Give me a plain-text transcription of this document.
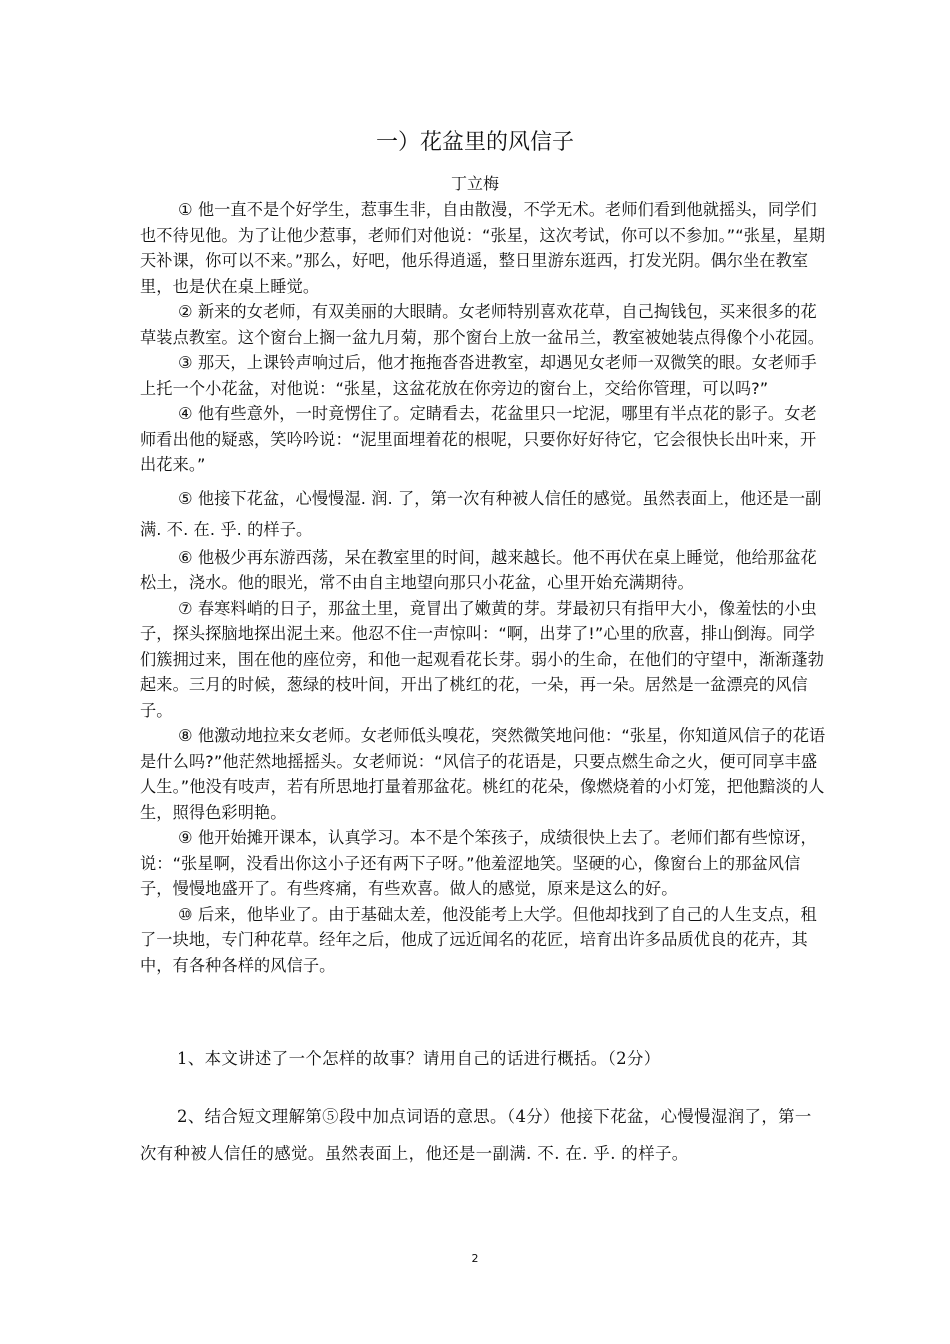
一）花盆里的风信子
丁立梅

① 他一直不是个好学生，惹事生非，自由散漫，不学无术。老师们看到他就摇头，同学们也不待见他。为了让他少惹事，老师们对他说：“张星，这次考试，你可以不参加。”“张星，星期天补课，你可以不来。”那么，好吧，他乐得逍遥，整日里游东逛西，打发光阴。偶尔坐在教室里，也是伏在桌上睡觉。

② 新来的女老师，有双美丽的大眼睛。女老师特别喜欢花草，自己掏钱包，买来很多的花草装点教室。这个窗台上搁一盆九月菊，那个窗台上放一盆吊兰，教室被她装点得像个小花园。

③ 那天，上课铃声响过后，他才拖拖沓沓进教室，却遇见女老师一双微笑的眼。女老师手上托一个小花盆，对他说：“张星，这盆花放在你旁边的窗台上，交给你管理，可以吗?”

④ 他有些意外，一时竟愣住了。定睛看去，花盆里只一坨泥，哪里有半点花的影子。女老师看出他的疑惑，笑吟吟说：“泥里面埋着花的根呢，只要你好好待它，它会很快长出叶来，开出花来。”

⑤ 他接下花盆，心慢慢湿. 润. 了，第一次有种被人信任的感觉。虽然表面上，他还是一副满. 不. 在. 乎. 的样子。

⑥ 他极少再东游西荡，呆在教室里的时间，越来越长。他不再伏在桌上睡觉，他给那盆花松土，浇水。他的眼光，常不由自主地望向那只小花盆，心里开始充满期待。

⑦ 春寒料峭的日子，那盆土里，竟冒出了嫩黄的芽。芽最初只有指甲大小，像羞怯的小虫子，探头探脑地探出泥土来。他忍不住一声惊叫：“啊，出芽了!”心里的欣喜，排山倒海。同学们簇拥过来，围在他的座位旁，和他一起观看花长芽。弱小的生命，在他们的守望中，渐渐蓬勃起来。三月的时候，葱绿的枝叶间，开出了桃红的花，一朵，再一朵。居然是一盆漂亮的风信子。

⑧ 他激动地拉来女老师。女老师低头嗅花，突然微笑地问他：“张星，你知道风信子的花语是什么吗?”他茫然地摇摇头。女老师说：“风信子的花语是，只要点燃生命之火，便可同享丰盛人生。”他没有吱声，若有所思地打量着那盆花。桃红的花朵，像燃烧着的小灯笼，把他黯淡的人生，照得色彩明艳。

⑨ 他开始摊开课本，认真学习。本不是个笨孩子，成绩很快上去了。老师们都有些惊讶，说：“张星啊，没看出你这小子还有两下子呀。”他羞涩地笑。坚硬的心，像窗台上的那盆风信子，慢慢地盛开了。有些疼痛，有些欢喜。做人的感觉，原来是这么的好。

⑩ 后来，他毕业了。由于基础太差，他没能考上大学。但他却找到了自己的人生支点，租了一块地，专门种花草。经年之后，他成了远近闻名的花匠，培育出许多品质优良的花卉，其中，有各种各样的风信子。

1、本文讲述了一个怎样的故事？请用自己的话进行概括。（2分）

2、结合短文理解第⑤段中加点词语的意思。（4分）他接下花盆，心慢慢湿润了，第一次有种被人信任的感觉。虽然表面上，他还是一副满. 不. 在. 乎. 的样子。

2
